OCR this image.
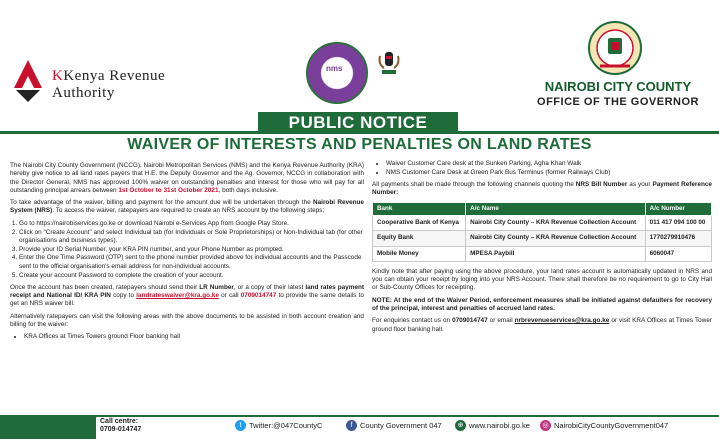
KKenya Revenue
Authority
nms
NAIROBI CITY COUNTY
OFFICE OF THE GOVERNOR
PUBLIC NOTICE
WAIVER OF INTERESTS AND PENALTIES ON LAND RATES

The Nairobi City County Government (NCCG), Nairobi Metropolitan Services (NMS) and the Kenya Revenue Authority (KRA) hereby give notice to all land rates payers that H.E. the Deputy Governor and the Ag. Governor, NCCG in collaboration with the Director General, NMS has approved 100% waiver on outstanding penalties and interest for those who will pay for all outstanding principal arrears between 1st October to 31st October 2021, both days inclusive.

To take advantage of the waiver, billing and payment for the amount due will be undertaken through the Nairobi Revenue System (NRS). To access the waiver, ratepayers are required to create an NRS account by the following steps;

1. Go to https://nairobiservices.go.ke or download Nairobi e-Services App from Google Play Store.
2. Click on "Create Account" and select Individual tab (for Individuals or Sole Proprietorships) or Non-Individual tab (for other organisations and business types).
3. Provide your ID Serial Number, your KRA PIN number, and your Phone Number as prompted.
4. Enter the One Time Password (OTP) sent to the phone number provided above for individual accounts and the Passcode sent to the official organisation's email address for non-individual accounts.
5. Create your account Password to complete the creation of your account.

Once the account has been created, ratepayers should send their LR Number, or a copy of their latest land rates payment receipt and National ID/ KRA PIN copy to landrateswaiver@kra.go.ke or call 0709014747 to provide the same details to get an NRS waiver bill.

Alternatively ratepayers can visit the following areas with the above documents to be assisted in both account creation and billing for the waiver:

• KRA Offices at Times Towers ground Floor banking hall
• Waiver Customer Care desk at the Sunken Parking, Agha Khan Walk
• NMS Customer Care Desk at Green Park Bus Terminus (former Railways Club)

All payments shall be made through the following channels quoting the NRS Bill Number as your Payment Reference Number:

Bank	A/c Name	A/c Number
Cooperative Bank of Kenya	Nairobi City County – KRA Revenue Collection Account	011 417 094 100 00
Equity Bank	Nairobi City County – KRA Revenue Collection Account	1770279910476
Mobile Money	MPESA Paybill	6060047

Kindly note that after paying using the above procedure, your land rates account is automatically updated in NRS and you can obtain your receipt by loging into your NRS Account. There shall therefore be no requirement to go to City Hall or Sub-County Offices for receipting.

NOTE: At the end of the Waiver Period, enforcement measures shall be initiated against defaulters for recovery of the principal, interest and penalties of accrued land rates.

For enquiries contact us on 0709014747 or email nrbrevenueservices@kra.go.ke or visit KRA Offices at Times Tower ground floor banking hall.

Call centre:
0709-014747
t	Twitter:@047CountyC	f	County Government 047	⊕ www.nairobi.go.ke	◎ NairobiCityCountyGovernment047
